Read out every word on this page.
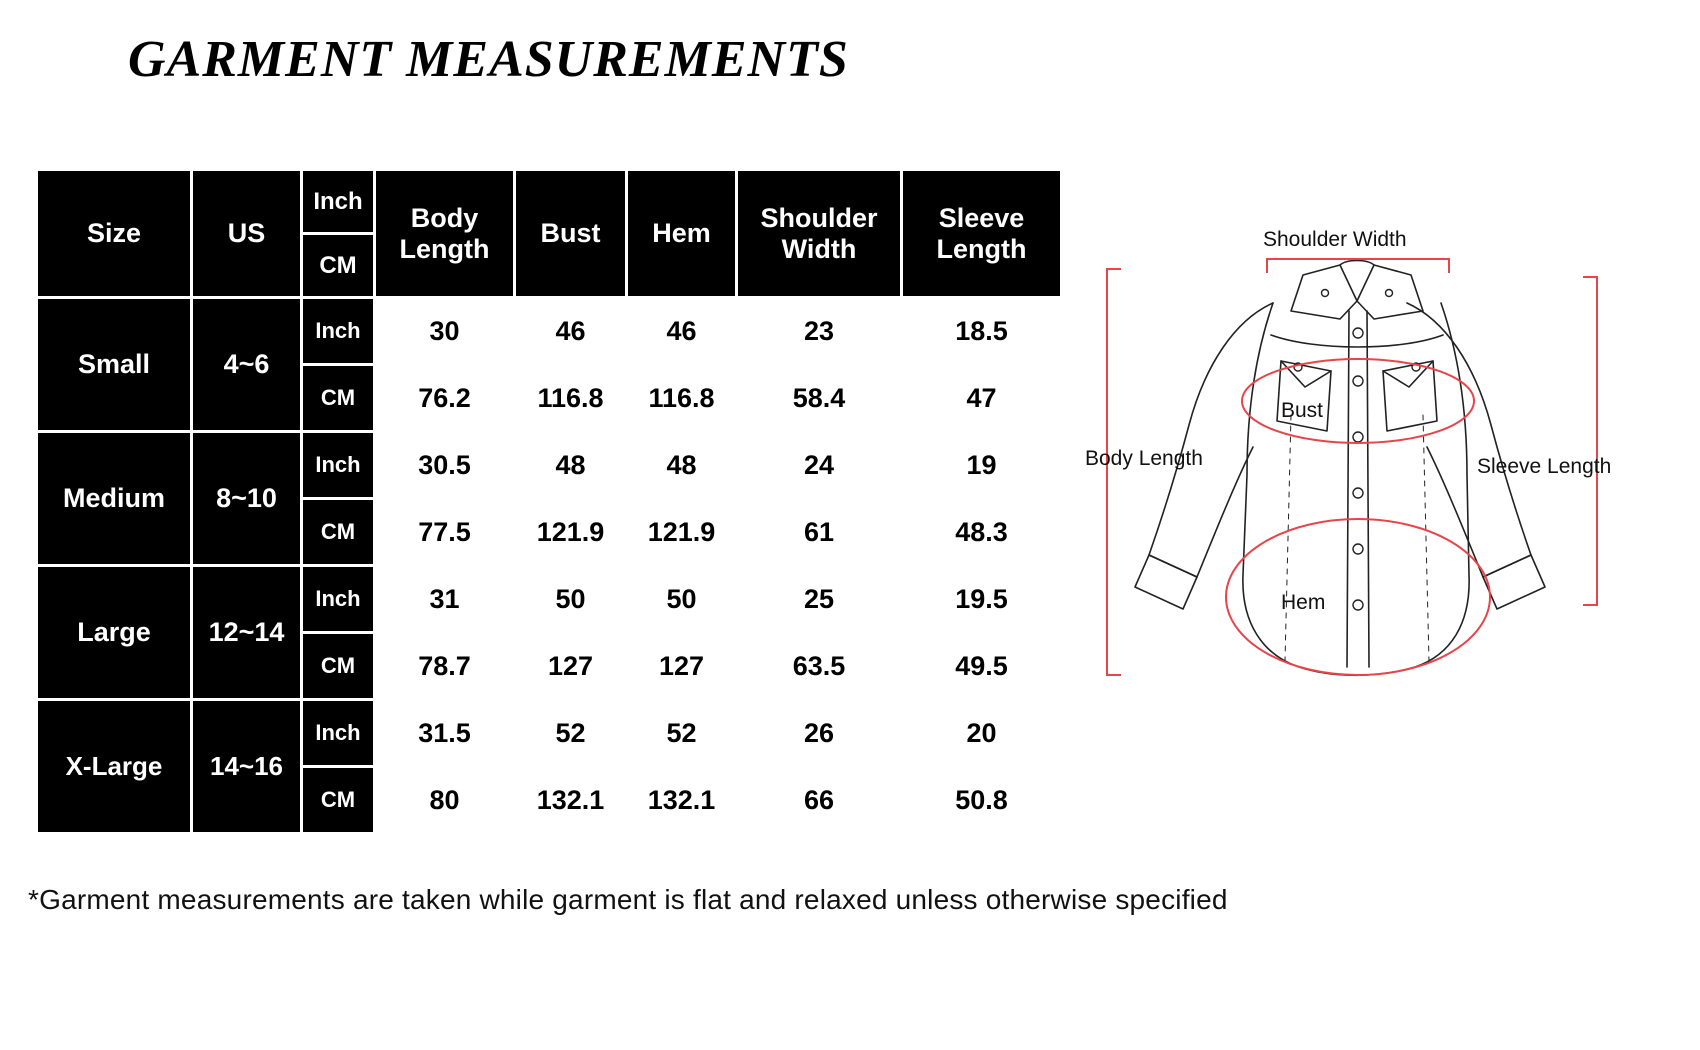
GARMENT MEASUREMENTS
Size	US	Inch	Body Length	Bust	Hem	Shoulder Width	Sleeve Length
		CM					
Small	4~6	Inch	30	46	46	23	18.5
		CM	76.2	116.8	116.8	58.4	47
Medium	8~10	Inch	30.5	48	48	24	19
		CM	77.5	121.9	121.9	61	48.3
Large	12~14	Inch	31	50	50	25	19.5
		CM	78.7	127	127	63.5	49.5
X-Large	14~16	Inch	31.5	52	52	26	20
		CM	80	132.1	132.1	66	50.8
Shoulder Width
Bust
Hem
Body Length	Sleeve Length
*Garment measurements are taken while garment is flat and relaxed unless otherwise specified
